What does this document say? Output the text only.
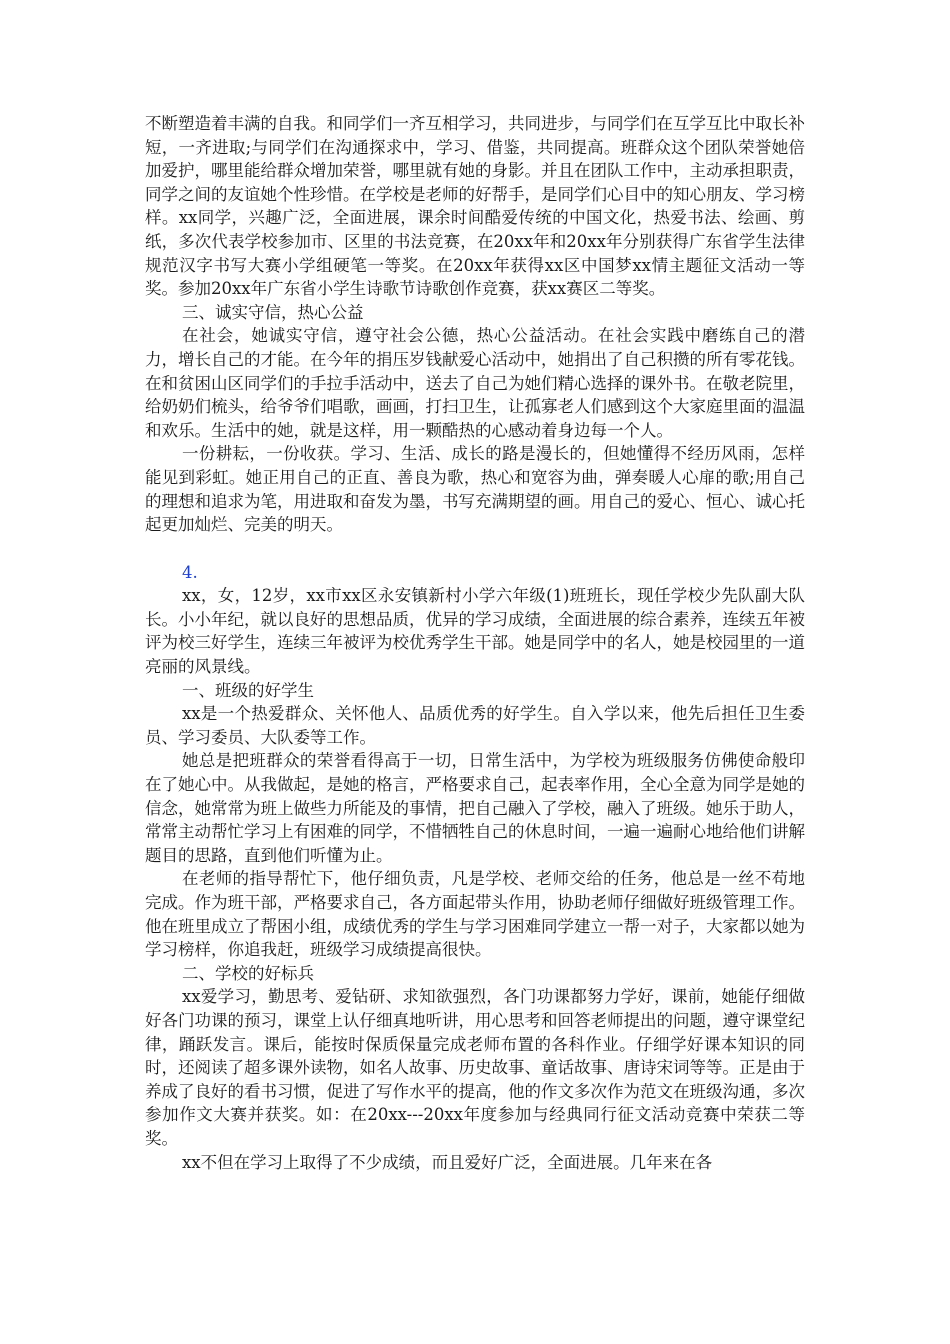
不断塑造着丰满的自我。和同学们一齐互相学习，共同进步，与同学们在互学互比中取长补短，一齐进取;与同学们在沟通探求中，学习、借鉴，共同提高。班群众这个团队荣誉她倍加爱护，哪里能给群众增加荣誉，哪里就有她的身影。并且在团队工作中，主动承担职责，同学之间的友谊她个性珍惜。在学校是老师的好帮手，是同学们心目中的知心朋友、学习榜样。xx同学，兴趣广泛，全面进展，课余时间酷爱传统的中国文化，热爱书法、绘画、剪纸，多次代表学校参加市、区里的书法竞赛，在20xx年和20xx年分别获得广东省学生法律规范汉字书写大赛小学组硬笔一等奖。在20xx年获得xx区中国梦xx情主题征文活动一等奖。参加20xx年广东省小学生诗歌节诗歌创作竞赛，获xx赛区二等奖。

三、诚实守信，热心公益

在社会，她诚实守信，遵守社会公德，热心公益活动。在社会实践中磨练自己的潜力，增长自己的才能。在今年的捐压岁钱献爱心活动中，她捐出了自己积攒的所有零花钱。在和贫困山区同学们的手拉手活动中，送去了自己为她们精心选择的课外书。在敬老院里，给奶奶们梳头，给爷爷们唱歌，画画，打扫卫生，让孤寡老人们感到这个大家庭里面的温温和欢乐。生活中的她，就是这样，用一颗酷热的心感动着身边每一个人。

一份耕耘，一份收获。学习、生活、成长的路是漫长的，但她懂得不经历风雨，怎样能见到彩虹。她正用自己的正直、善良为歌，热心和宽容为曲，弹奏暖人心扉的歌;用自己的理想和追求为笔，用进取和奋发为墨，书写充满期望的画。用自己的爱心、恒心、诚心托起更加灿烂、完美的明天。

4.

xx，女，12岁，xx市xx区永安镇新村小学六年级(1)班班长，现任学校少先队副大队长。小小年纪，就以良好的思想品质，优异的学习成绩，全面进展的综合素养，连续五年被评为校三好学生，连续三年被评为校优秀学生干部。她是同学中的名人，她是校园里的一道亮丽的风景线。

一、班级的好学生

xx是一个热爱群众、关怀他人、品质优秀的好学生。自入学以来，他先后担任卫生委员、学习委员、大队委等工作。

她总是把班群众的荣誉看得高于一切，日常生活中，为学校为班级服务仿佛使命般印在了她心中。从我做起，是她的格言，严格要求自己，起表率作用，全心全意为同学是她的信念，她常常为班上做些力所能及的事情，把自己融入了学校，融入了班级。她乐于助人，常常主动帮忙学习上有困难的同学，不惜牺牲自己的休息时间，一遍一遍耐心地给他们讲解题目的思路，直到他们听懂为止。

在老师的指导帮忙下，他仔细负责，凡是学校、老师交给的任务，他总是一丝不苟地完成。作为班干部，严格要求自己，各方面起带头作用，协助老师仔细做好班级管理工作。他在班里成立了帮困小组，成绩优秀的学生与学习困难同学建立一帮一对子，大家都以她为学习榜样，你追我赶，班级学习成绩提高很快。

二、学校的好标兵

xx爱学习，勤思考、爱钻研、求知欲强烈，各门功课都努力学好，课前，她能仔细做好各门功课的预习，课堂上认仔细真地听讲，用心思考和回答老师提出的问题，遵守课堂纪律，踊跃发言。课后，能按时保质保量完成老师布置的各科作业。仔细学好课本知识的同时，还阅读了超多课外读物，如名人故事、历史故事、童话故事、唐诗宋词等等。正是由于养成了良好的看书习惯，促进了写作水平的提高，他的作文多次作为范文在班级沟通，多次参加作文大赛并获奖。如：在20xx---20xx年度参加与经典同行征文活动竞赛中荣获二等奖。

xx不但在学习上取得了不少成绩，而且爱好广泛，全面进展。几年来在各
